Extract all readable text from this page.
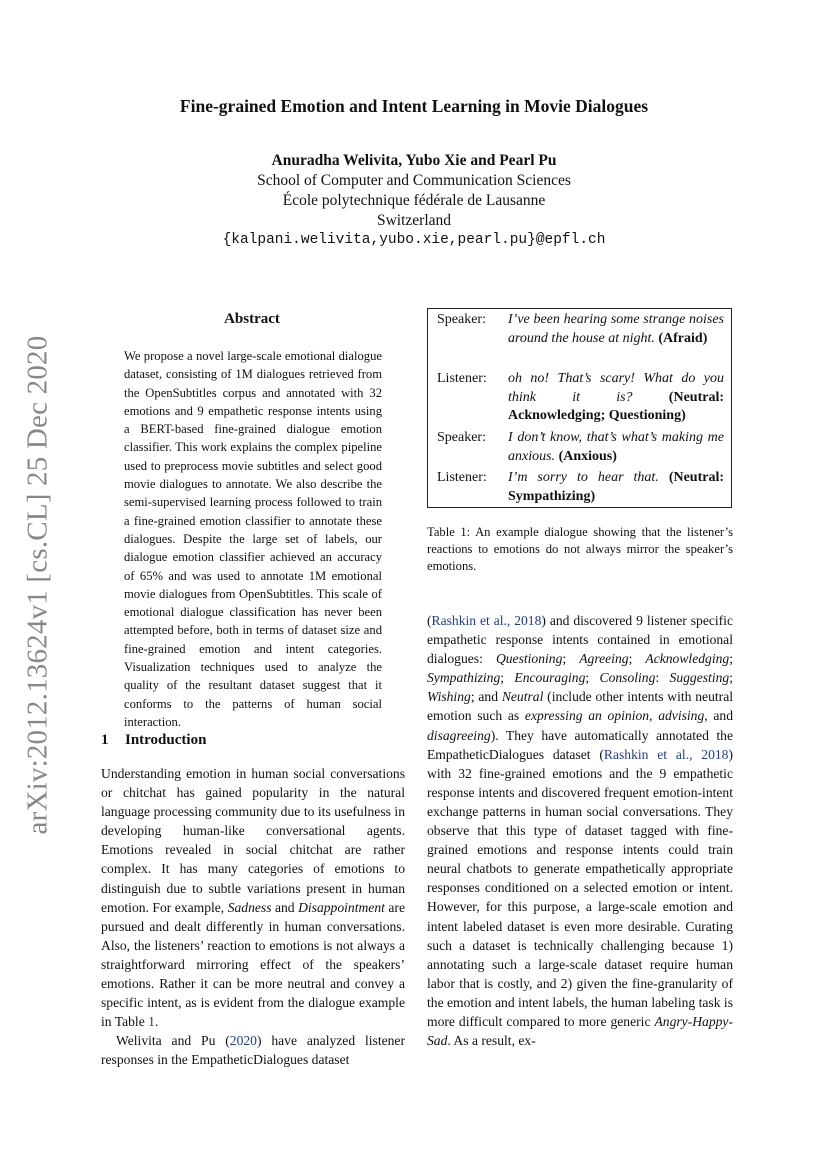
arXiv:2012.13624v1 [cs.CL] 25 Dec 2020
Fine-grained Emotion and Intent Learning in Movie Dialogues
Anuradha Welivita, Yubo Xie and Pearl Pu
School of Computer and Communication Sciences
École polytechnique fédérale de Lausanne
Switzerland
{kalpani.welivita,yubo.xie,pearl.pu}@epfl.ch
Abstract
We propose a novel large-scale emotional dialogue dataset, consisting of 1M dialogues retrieved from the OpenSubtitles corpus and annotated with 32 emotions and 9 empathetic response intents using a BERT-based fine-grained dialogue emotion classifier. This work explains the complex pipeline used to preprocess movie subtitles and select good movie dialogues to annotate. We also describe the semi-supervised learning process followed to train a fine-grained emotion classifier to annotate these dialogues. Despite the large set of labels, our dialogue emotion classifier achieved an accuracy of 65% and was used to annotate 1M emotional movie dialogues from OpenSubtitles. This scale of emotional dialogue classification has never been attempted before, both in terms of dataset size and fine-grained emotion and intent categories. Visualization techniques used to analyze the quality of the resultant dataset suggest that it conforms to the patterns of human social interaction.
1 Introduction

Understanding emotion in human social conversations or chitchat has gained popularity in the natural language processing community due to its usefulness in developing human-like conversational agents. Emotions revealed in social chitchat are rather complex. It has many categories of emotions to distinguish due to subtle variations present in human emotion. For example, Sadness and Disappointment are pursued and dealt differently in human conversations. Also, the listeners’ reaction to emotions is not always a straightforward mirroring effect of the speakers’ emotions. Rather it can be more neutral and convey a specific intent, as is evident from the dialogue example in Table 1.

Welivita and Pu (2020) have analyzed listener responses in the EmpatheticDialogues dataset

Speaker:	I’ve been hearing some strange noises around the house at night. (Afraid)
Listener:	oh no! That’s scary! What do you think it is?	(Neutral: Acknowledging; Questioning)
Speaker:	I don’t know, that’s what’s making me anxious. (Anxious)
Listener:	I’m sorry to hear that. (Neutral: Sympathizing)
Table 1: An example dialogue showing that the listener’s reactions to emotions do not always mirror the speaker’s emotions.

(Rashkin et al., 2018) and discovered 9 listener specific empathetic response intents contained in emotional dialogues: Questioning; Agreeing; Acknowledging; Sympathizing; Encouraging; Consoling: Suggesting; Wishing; and Neutral (include other intents with neutral emotion such as expressing an opinion, advising, and disagreeing). They have automatically annotated the EmpatheticDialogues dataset (Rashkin et al., 2018) with 32 fine-grained emotions and the 9 empathetic response intents and discovered frequent emotion-intent exchange patterns in human social conversations. They observe that this type of dataset tagged with fine-grained emotions and response intents could train neural chatbots to generate empathetically appropriate responses conditioned on a selected emotion or intent. However, for this purpose, a large-scale emotion and intent labeled dataset is even more desirable. Curating such a dataset is technically challenging because 1) annotating such a large-scale dataset require human labor that is costly, and 2) given the fine-granularity of the emotion and intent labels, the human labeling task is more difficult compared to more generic Angry-Happy-Sad. As a result, ex-
